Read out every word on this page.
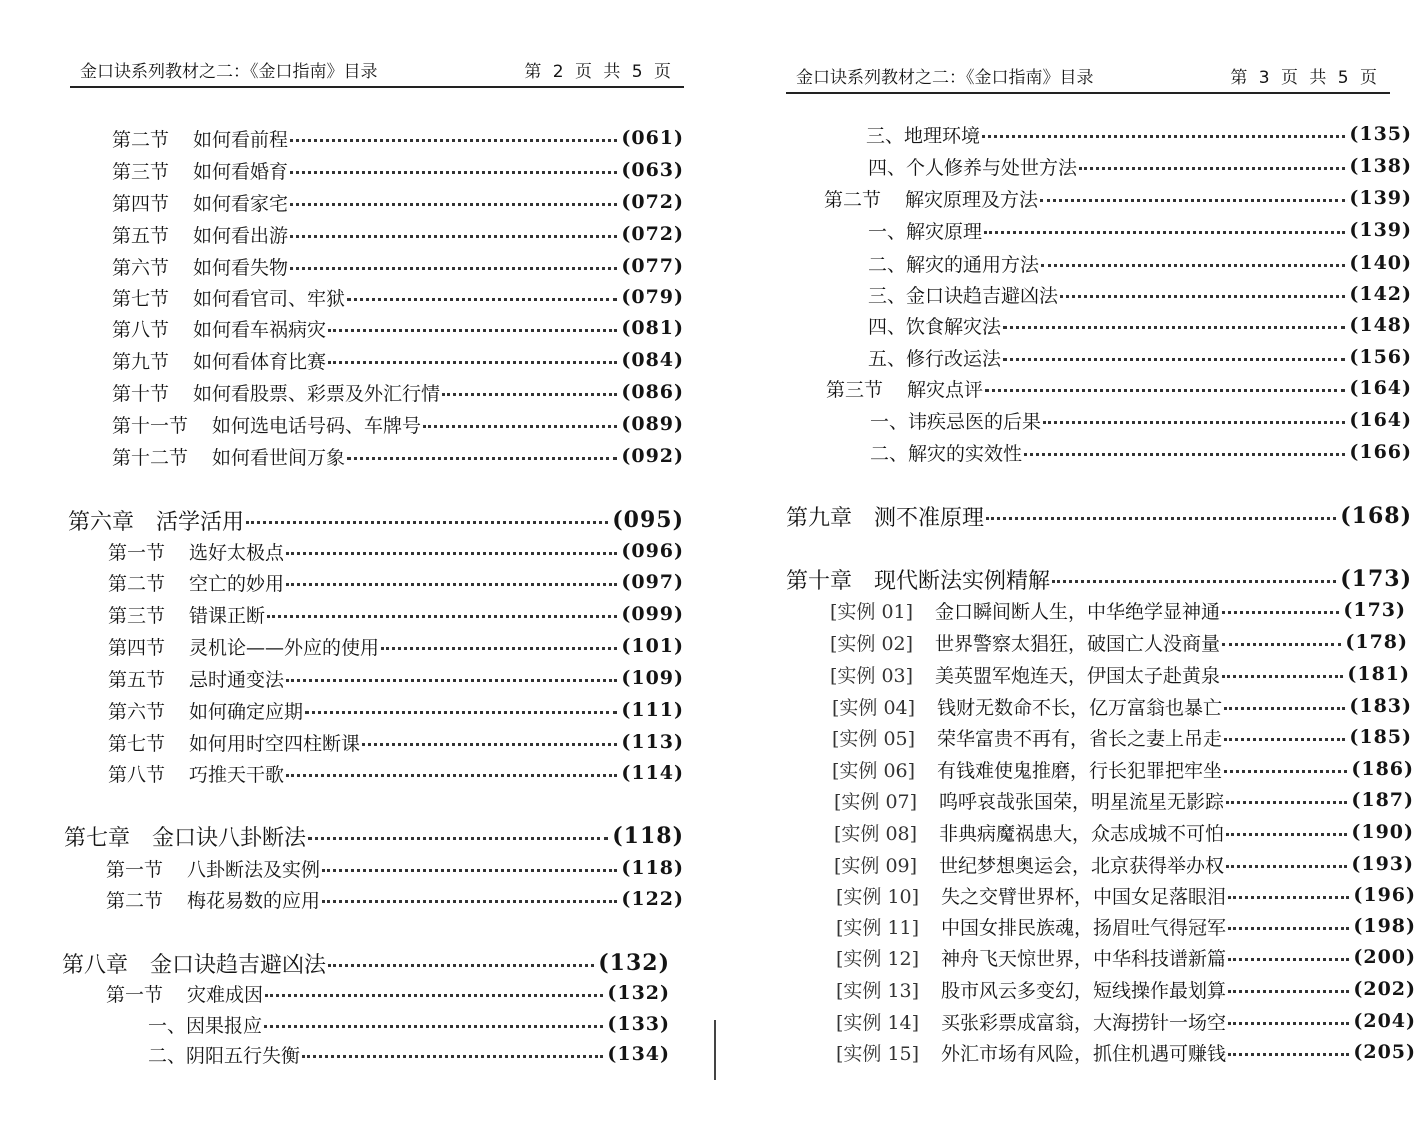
金口诀系列教材之二：《金口指南》目录	第 2 页 共 5 页
第二节 如何看前程	(061)
第三节 如何看婚育	(063)
第四节 如何看家宅	(072)
第五节 如何看出游	(072)
第六节 如何看失物	(077)
第七节 如何看官司、牢狱	(079)
第八节 如何看车祸病灾	(081)
第九节 如何看体育比赛	(084)
第十节 如何看股票、彩票及外汇行情	(086)
第十一节 如何选电话号码、车牌号	(089)
第十二节 如何看世间万象	(092)
第六章 活学活用	(095)
第一节 选好太极点	(096)
第二节 空亡的妙用	(097)
第三节 错课正断	(099)
第四节 灵机论——外应的使用	(101)
第五节 忌时通变法	(109)
第六节 如何确定应期	(111)
第七节 如何用时空四柱断课	(113)
第八节 巧推天干歌	(114)
第七章 金口诀八卦断法	(118)
第一节 八卦断法及实例	(118)
第二节 梅花易数的应用	(122)
第八章 金口诀趋吉避凶法	(132)
第一节 灾难成因	(132)
一、因果报应	(133)
二、阴阳五行失衡	(134)
金口诀系列教材之二：《金口指南》目录	第 3 页 共 5 页
三、地理环境	(135)
四、个人修养与处世方法	(138)
第二节 解灾原理及方法	(139)
一、解灾原理	(139)
二、解灾的通用方法	(140)
三、金口诀趋吉避凶法	(142)
四、饮食解灾法	(148)
五、修行改运法	(156)
第三节 解灾点评	(164)
一、讳疾忌医的后果	(164)
二、解灾的实效性	(166)
第九章 测不准原理	(168)
第十章 现代断法实例精解	(173)
[实例 01] 金口瞬间断人生，中华绝学显神通	(173)
[实例 02] 世界警察太猖狂，破国亡人没商量	(178)
[实例 03] 美英盟军炮连天，伊国太子赴黄泉	(181)
[实例 04] 钱财无数命不长，亿万富翁也暴亡	(183)
[实例 05] 荣华富贵不再有，省长之妻上吊走	(185)
[实例 06] 有钱难使鬼推磨，行长犯罪把牢坐	(186)
[实例 07] 呜呼哀哉张国荣，明星流星无影踪	(187)
[实例 08] 非典病魔祸患大，众志成城不可怕	(190)
[实例 09] 世纪梦想奥运会，北京获得举办权	(193)
[实例 10] 失之交臂世界杯，中国女足落眼泪	(196)
[实例 11] 中国女排民族魂，扬眉吐气得冠军	(198)
[实例 12] 神舟飞天惊世界，中华科技谱新篇	(200)
[实例 13] 股市风云多变幻，短线操作最划算	(202)
[实例 14] 买张彩票成富翁，大海捞针一场空	(204)
[实例 15] 外汇市场有风险，抓住机遇可赚钱	(205)
